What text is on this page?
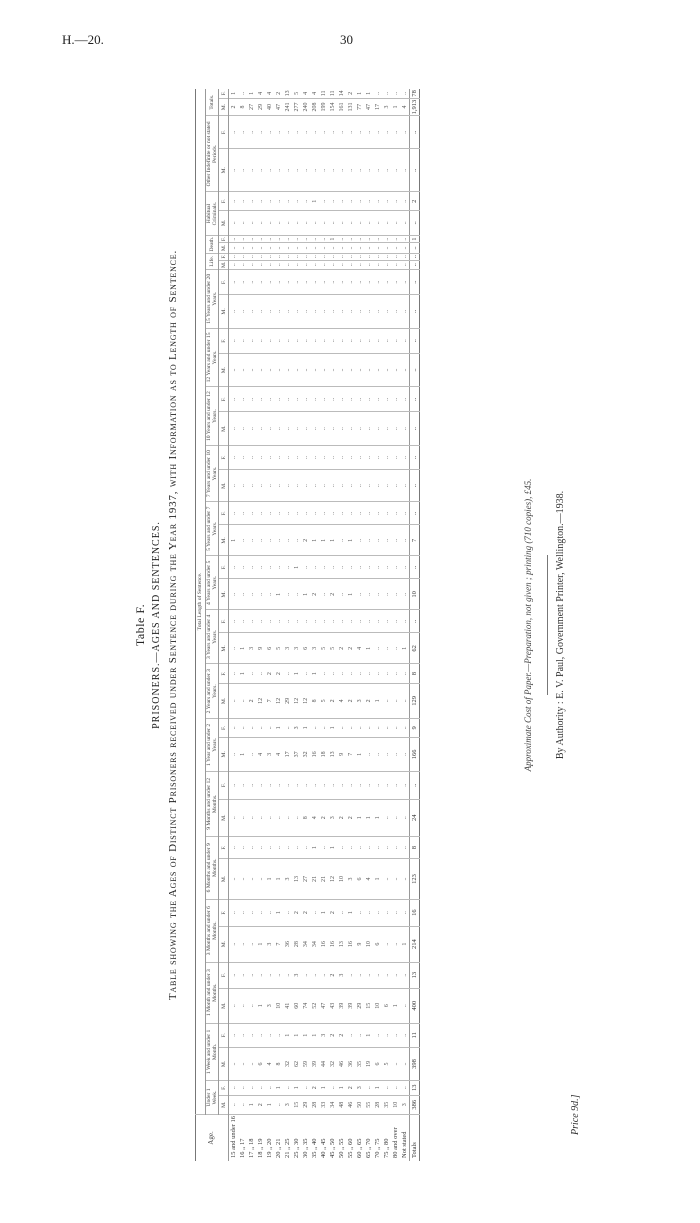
H.—20.	30
Table F. PRISONERS.—AGES AND SENTENCES. Table showing the Ages of Distinct Prisoners received under Sentence during the Year 1937, with Information as to Length of Sentence.
Age.	Total Length of Sentence.																																							
	Under 1 Week.		1 Week and under 1 Month.		1 Month and under 3 Months.		3 Months and under 6 Months.		6 Months and under 9 Months.		9 Months and under 12 Months.		1 Year and under 2 Years.		2 Years and under 3 Years.		3 Years and under 4 Years.		4 Years and under 5 Years.		5 Years and under 7 Years.		7 Years and under 10 Years.		10 Years and under 12 Years.		12 Years and under 15 Years.		15 Years and under 20 Years.		Life.		Death.		Habitual Criminals.		Other Indefinite or not stated Periods.		Totals.	
	M.	F.	M.	F.	M.	F.	M.	F.	M.	F.	M.	F.	M.	F.	M.	F.	M.	F.	M.	F.	M.	F.	M.	F.	M.	F.	M.	F.	M.	F.	M.	F.	M.	F.	M.	F.	M.	F.	M.	F.
15 and under 16	..	..	..	..	..	..	..	..	..	..	..	..	..	..	..	..	..	..	..	..	1	..	..	..	..	..	..	..	..	..	..	..	..	..	..	..	..	..	2	1
16 ,, 17	..	..	..	..	..	..	..	..	..	..	..	..	1	..	..	1	1	..	..	..	..	..	..	..	..	..	..	..	..	..	..	..	..	..	..	..	..	..	8	..
17 ,, 18	1	..	..	..	..	..	..	..	..	..	..	..	..	..	2	..	3	..	..	..	..	..	..	..	..	..	..	..	..	..	..	..	..	..	..	..	..	..	27	1
18 ,, 19	2	..	6	..	1	..	1	..	..	..	..	..	4	..	12	..	9	..	..	..	..	..	..	..	..	..	..	..	..	..	..	..	..	..	..	..	..	..	29	4
19 ,, 20	1	..	4	..	3	..	3	..	1	..	..	..	3	..	7	2	6	..	..	..	..	..	..	..	..	..	..	..	..	..	..	..	..	..	..	..	..	..	40	4
20 ,, 21	..	1	8	..	10	..	7	1	1	..	..	..	4	1	12	2	5	..	1	..	..	..	..	..	..	..	..	..	..	..	..	..	..	..	..	..	..	..	47	2
21 ,, 25	3	..	32	1	41	..	36	..	3	..	..	..	17	..	29	..	3	..	..	..	..	..	..	..	..	..	..	..	..	..	..	..	..	..	..	..	..	..	241	13
25 ,, 30	15	1	62	1	60	3	28	2	13	..	..	..	37	3	12	1	3	..	..	1	..	..	..	..	..	..	..	..	..	..	..	..	..	..	..	..	..	..	277	5
30 ,, 35	29	..	59	1	74	..	34	2	27	..	8	..	32	1	12	..	6	..	1	..	2	..	..	..	..	..	..	..	..	..	..	..	..	..	..	..	..	..	240	4
35 ,, 40	28	2	39	1	52	..	34	..	21	1	4	..	16	..	8	1	3	..	2	..	1	..	..	..	..	..	..	..	..	..	..	..	..	..	..	1	..	..	208	4
40 ,, 45	33	1	44	3	47	..	16	1	21	..	2	..	18	..	5	..	5	..	..	..	1	..	..	..	..	..	..	..	..	..	..	..	..	..	..	..	..	..	199	11
45 ,, 50	34	..	32	2	43	2	16	2	12	1	3	..	13	1	2	..	5	..	2	..	1	..	..	..	..	..	..	..	..	..	..	..	..	1	..	..	..	..	154	11
50 ,, 55	48	1	46	2	39	3	13	..	10	..	2	..	9	..	4	..	2	..	..	..	..	..	..	..	..	..	..	..	..	..	..	..	..	..	..	..	..	..	161	14
55 ,, 60	46	2	36	..	39	..	16	1	3	..	2	..	7	..	2	..	2	..	1	..	1	..	..	..	..	..	..	..	..	..	..	..	..	..	..	..	..	..	131	2
60 ,, 65	50	3	35	..	29	..	9	..	6	..	1	..	1	..	3	..	4	..	..	..	..	..	..	..	..	..	..	..	..	..	..	..	..	..	..	..	..	..	77	1
65 ,, 70	55	..	19	1	15	..	10	..	4	..	1	..	..	..	2	..	1	..	..	..	..	..	..	..	..	..	..	..	..	..	..	..	..	..	..	..	..	..	47	1
70 ,, 75	28	1	6	..	10	..	6	..	1	..	1	..	..	..	1	..	..	..	..	..	..	..	..	..	..	..	..	..	..	..	..	..	..	..	..	..	..	..	17	..
75 ,, 80	35	..	5	..	6	..	..	..	..	..	..	..	..	..	..	..	..	..	..	..	..	..	..	..	..	..	..	..	..	..	..	..	..	..	..	..	..	..	3	..
80 and over	10	..	..	..	1	..	..	..	..	..	..	..	..	..	..	..	..	..	..	..	..	..	..	..	..	..	..	..	..	..	..	..	..	..	..	..	..	..	1	..
Not stated	3	..	..	..	..	..	1	..	..	..	..	..	..	..	..	..	1	..	..	..	..	..	..	..	..	..	..	..	..	..	..	..	..	..	..	..	..	..	4	..
Totals	386	13	398	11	400	13	214	16	123	8	24	..	166	9	129	8	62	..	10	..	7	..	..	..	..	..	..	..	..	..	..	..	..	1	..	2	..	..	1,913	78
Approximate Cost of Paper.—Preparation, not given ; printing (710 copies), £45. By Authority : E. V. Paul, Government Printer, Wellington.—1938.
Price 9d.]
